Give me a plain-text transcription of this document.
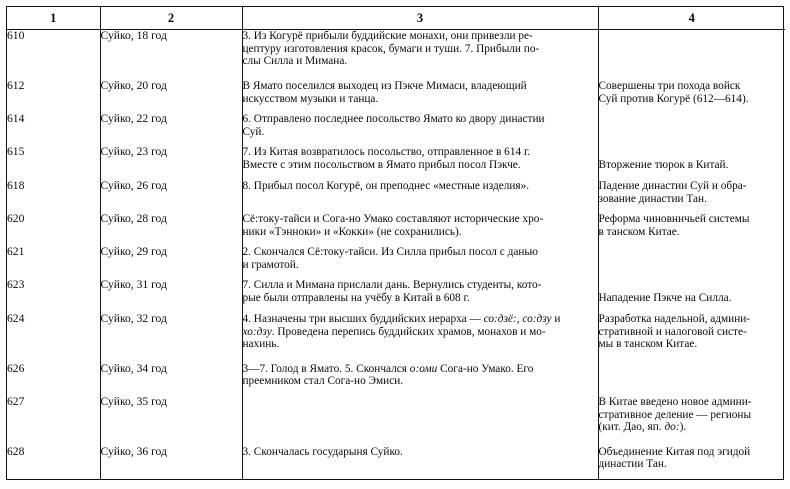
1	2	3	4
610	Суйко, 18 год	3. Из Когурё прибыли буддийские монахи, они привезли ре-
цептуру изготовления красок, бумаги и туши. 7. Прибыли по-
слы Силла и Мимана.	

612	Суйко, 20 год	В Ямато поселился выходец из Пэкче Мимаси, владеющий
искусством музыки и танца.	Совершены три похода войск
Суй против Когурё (612—614).

614	Суйко, 22 год	6. Отправлено последнее посольство Ямато ко двору династии
Суй.	

615	Суйко, 23 год	7. Из Китая возвратилось посольство, отправленное в 614 г.
Вместе с этим посольством в Ямато прибыл посол Пэкче.	Вторжение тюрок в Китай.

618	Суйко, 26 год	8. Прибыл посол Когурё, он преподнес «местные изделия».	Падение династии Суй и обра-
зование династии Тан.

620	Суйко, 28 год	Сё:току-тайси и Сога-но Умако составляют исторические хро-
ники «Тэнноки» и «Кокки» (не сохранились).	Реформа чиновничьей системы
в танском Китае.

621	Суйко, 29 год	2. Скончался Сё:току-тайси. Из Силла прибыл посол с данью
и грамотой.	

623	Суйко, 31 год	7. Силла и Мимана прислали дань. Вернулись студенты, кото-
рые были отправлены на учёбу в Китай в 608 г.	Нападение Пэкче на Силла.

624	Суйко, 32 год	4. Назначены три высших буддийских иерарха — со:дзё:, со:дзу и
хо:дзу. Проведена перепись буддийских храмов, монахов и мо-
нахинь.	Разработка надельной, админи-
стративной и налоговой систе-
мы в танском Китае.

626	Суйко, 34 год	3—7. Голод в Ямато. 5. Скончался о:оми Сога-но Умако. Его
преемником стал Сога-но Эмиси.	

627	Суйко, 35 год		В Китае введено новое админи-
стративное деление — регионы
(кит. Дао, яп. до:).

628	Суйко, 36 год	3. Скончалась государыня Суйко.	Объединение Китая под эгидой
династии Тан.
